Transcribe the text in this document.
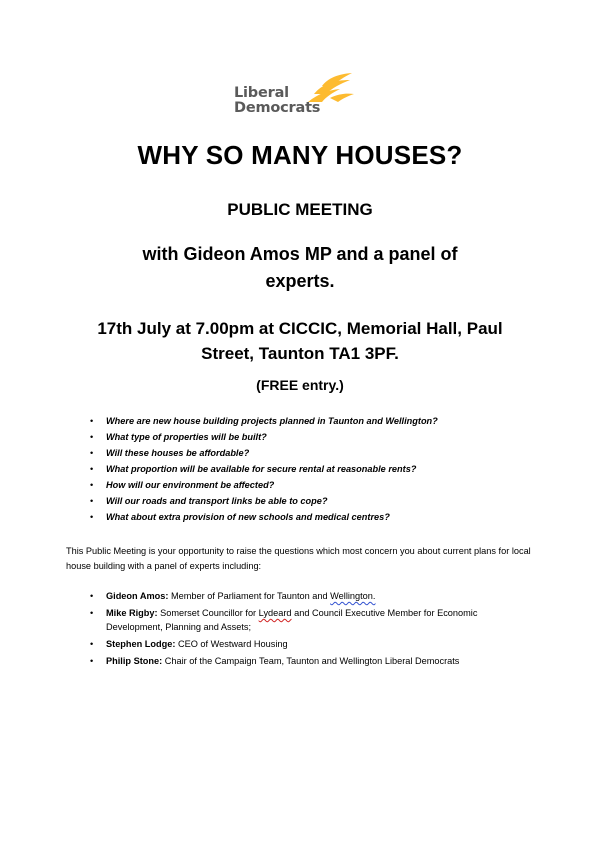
Liberal
Democrats
WHY SO MANY HOUSES?
PUBLIC MEETING
with Gideon Amos MP and a panel of
experts.
17th July at 7.00pm at CICCIC, Memorial Hall, Paul
Street, Taunton TA1 3PF.
(FREE entry.)
• Where are new house building projects planned in Taunton and Wellington?
• What type of properties will be built?
• Will these houses be affordable?
• What proportion will be available for secure rental at reasonable rents?
• How will our environment be affected?
• Will our roads and transport links be able to cope?
• What about extra provision of new schools and medical centres?
This Public Meeting is your opportunity to raise the questions which most concern you about current plans for local house building with a panel of experts including:
• Gideon Amos: Member of Parliament for Taunton and Wellington.
• Mike Rigby: Somerset Councillor for Lydeard and Council Executive Member for Economic Development, Planning and Assets;
• Stephen Lodge: CEO of Westward Housing
• Philip Stone: Chair of the Campaign Team, Taunton and Wellington Liberal Democrats
